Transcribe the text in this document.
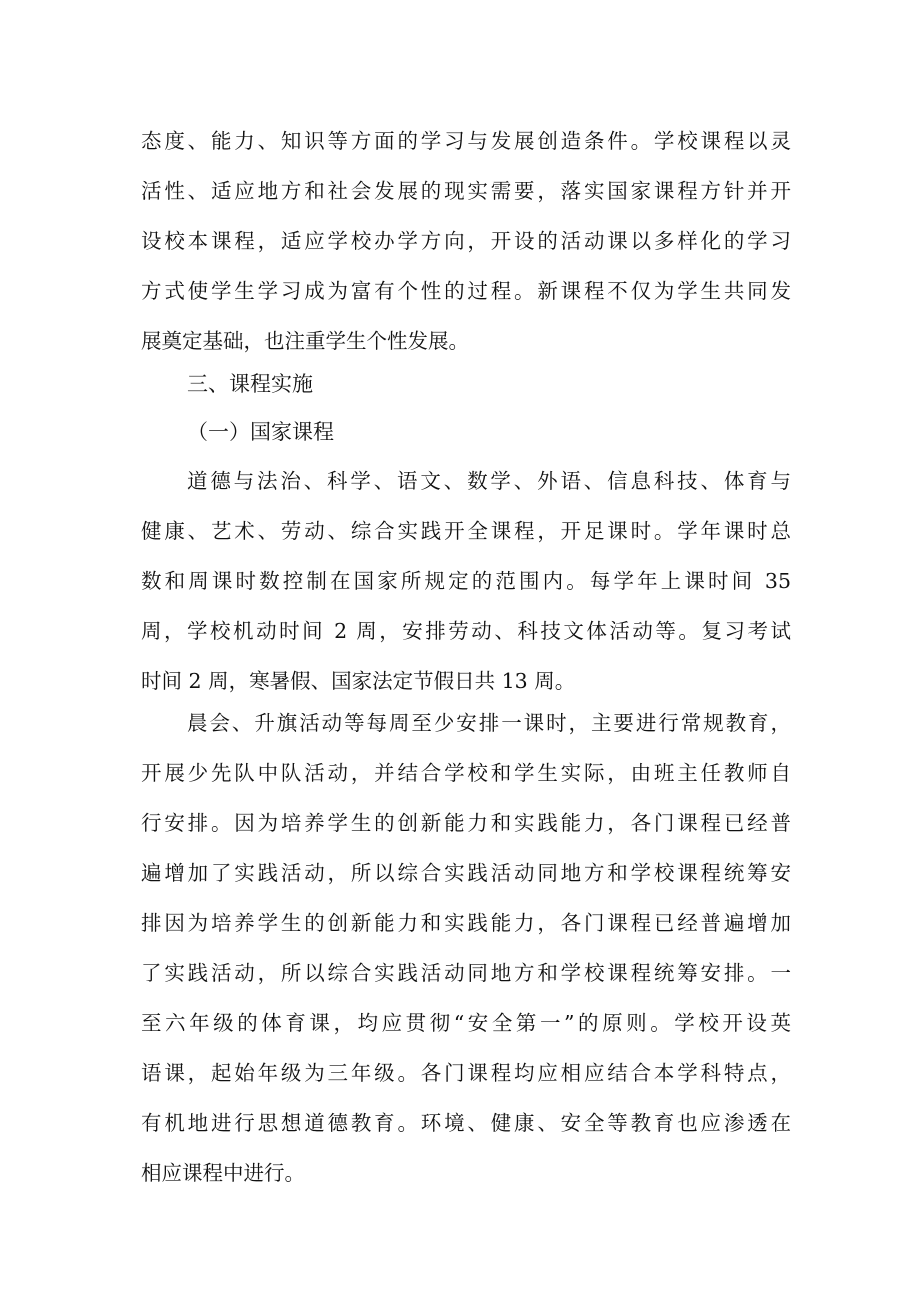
态度、能力、知识等方面的学习与发展创造条件。学校课程以灵
活性、适应地方和社会发展的现实需要，落实国家课程方针并开
设校本课程，适应学校办学方向，开设的活动课以多样化的学习
方式使学生学习成为富有个性的过程。新课程不仅为学生共同发
展奠定基础，也注重学生个性发展。
三、课程实施
（一）国家课程
道德与法治、科学、语文、数学、外语、信息科技、体育与
健康、艺术、劳动、综合实践开全课程，开足课时。学年课时总
数和周课时数控制在国家所规定的范围内。每学年上课时间 35
周，学校机动时间 2 周，安排劳动、科技文体活动等。复习考试
时间 2 周，寒暑假、国家法定节假日共 13 周。
晨会、升旗活动等每周至少安排一课时，主要进行常规教育，
开展少先队中队活动，并结合学校和学生实际，由班主任教师自
行安排。因为培养学生的创新能力和实践能力，各门课程已经普
遍增加了实践活动，所以综合实践活动同地方和学校课程统筹安
排因为培养学生的创新能力和实践能力，各门课程已经普遍增加
了实践活动，所以综合实践活动同地方和学校课程统筹安排。一
至六年级的体育课，均应贯彻“安全第一”的原则。学校开设英
语课，起始年级为三年级。各门课程均应相应结合本学科特点，
有机地进行思想道德教育。环境、健康、安全等教育也应渗透在
相应课程中进行。
